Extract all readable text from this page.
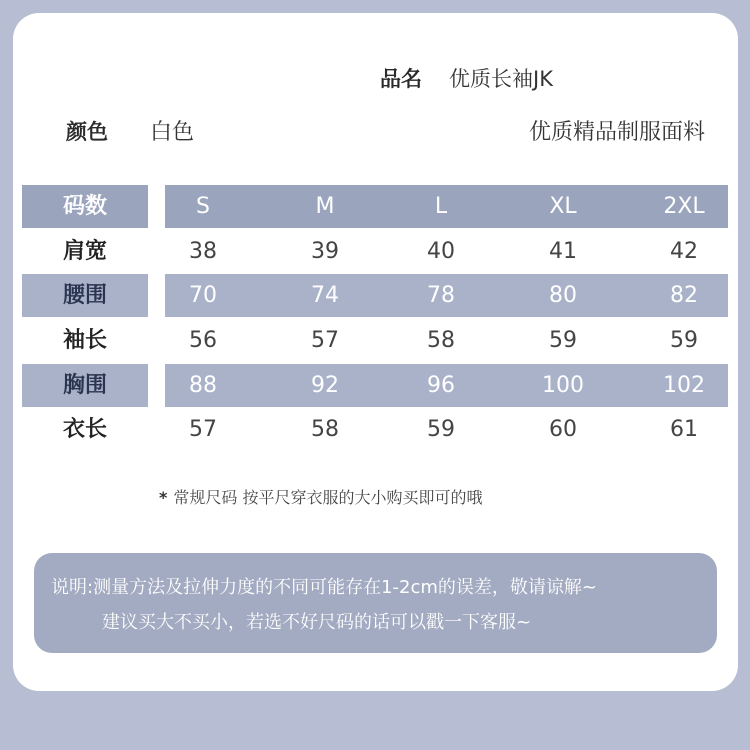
品名 优质长袖JK
颜色 白色	优质精品制服面料
码数	S	M	L	XL	2XL
肩宽	38	39	40	41	42
腰围	70	74	78	80	82
袖长	56	57	58	59	59
胸围	88	92	96	100	102
衣长	57	58	59	60	61
* 常规尺码 按平尺穿衣服的大小购买即可的哦
说明:测量方法及拉伸力度的不同可能存在1-2cm的误差，敬请谅解~
建议买大不买小，若选不好尺码的话可以戳一下客服~
